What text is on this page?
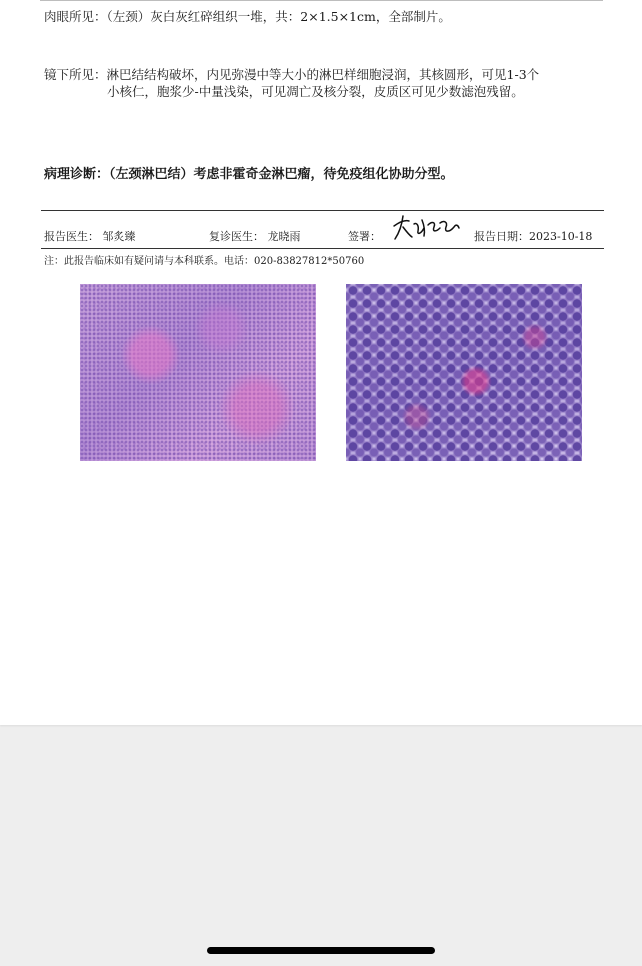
肉眼所见：（左颈）灰白灰红碎组织一堆，共：2×1.5×1cm，全部制片。
镜下所见：淋巴结结构破坏，内见弥漫中等大小的淋巴样细胞浸润，其核圆形，可见1-3个
小核仁，胞浆少-中量浅染，可见凋亡及核分裂，皮质区可见少数滤泡残留。
病理诊断：（左颈淋巴结）考虑非霍奇金淋巴瘤，待免疫组化协助分型。
报告医生： 邹炙臻	复诊医生： 龙晓雨	签署：	报告日期：2023-10-18
注：此报告临床如有疑问请与本科联系。电话：020-83827812*50760
